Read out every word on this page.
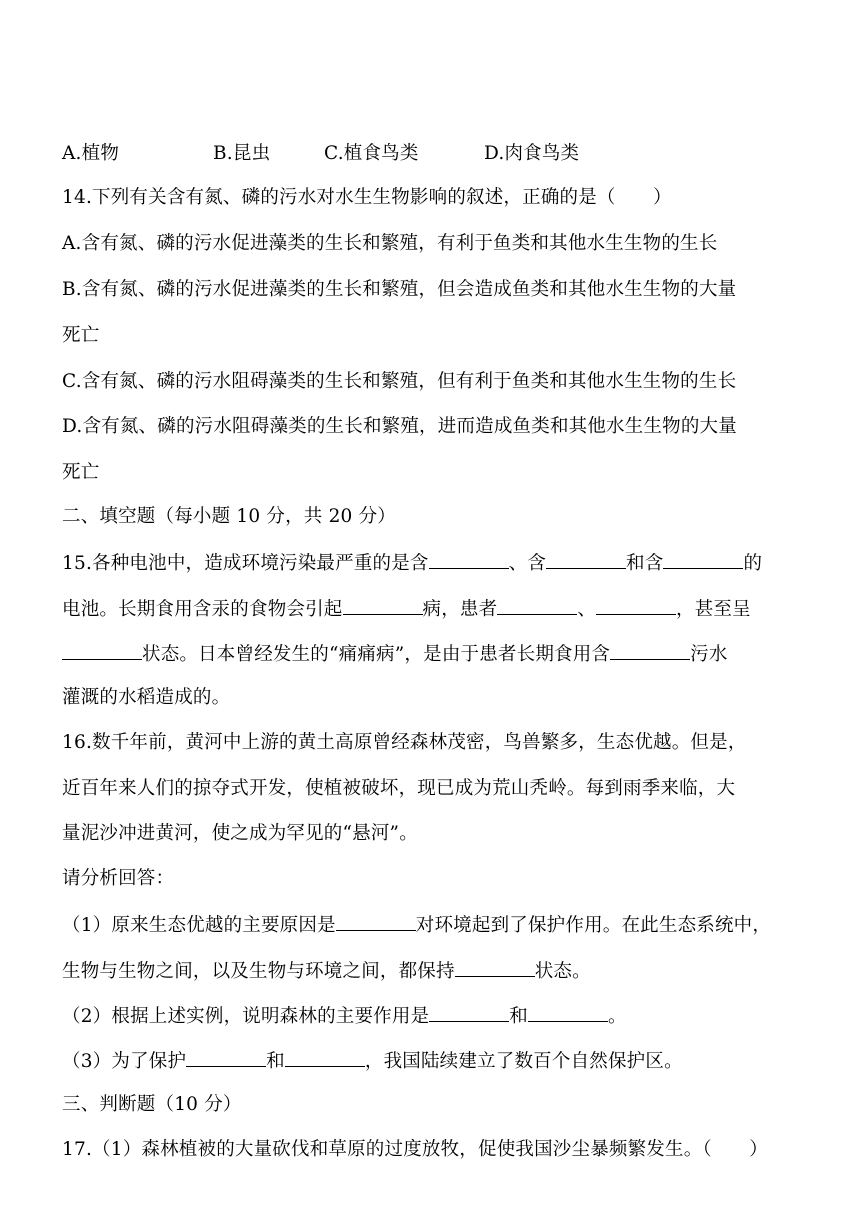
A.植物	B.昆虫	C.植食鸟类	D.肉食鸟类
14.下列有关含有氮、磷的污水对水生生物影响的叙述，正确的是（　　）
A.含有氮、磷的污水促进藻类的生长和繁殖，有利于鱼类和其他水生生物的生长
B.含有氮、磷的污水促进藻类的生长和繁殖，但会造成鱼类和其他水生生物的大量
死亡
C.含有氮、磷的污水阻碍藻类的生长和繁殖，但有利于鱼类和其他水生生物的生长
D.含有氮、磷的污水阻碍藻类的生长和繁殖，进而造成鱼类和其他水生生物的大量
死亡
二、填空题（每小题 10 分，共 20 分）
15.各种电池中，造成环境污染最严重的是含	、含	和含	的
电池。长期食用含汞的食物会引起	病，患者	、	，甚至呈
状态。日本曾经发生的“痛痛病”，是由于患者长期食用含	污水
灌溉的水稻造成的。
16.数千年前，黄河中上游的黄土高原曾经森林茂密，鸟兽繁多，生态优越。但是，
近百年来人们的掠夺式开发，使植被破坏，现已成为荒山秃岭。每到雨季来临，大
量泥沙冲进黄河，使之成为罕见的“悬河”。
请分析回答：
（1）原来生态优越的主要原因是	对环境起到了保护作用。在此生态系统中，
生物与生物之间，以及生物与环境之间，都保持	状态。
（2）根据上述实例，说明森林的主要作用是	和	。
（3）为了保护	和	，我国陆续建立了数百个自然保护区。
三、判断题（10 分）
17.（1）森林植被的大量砍伐和草原的过度放牧，促使我国沙尘暴频繁发生。（　　）
